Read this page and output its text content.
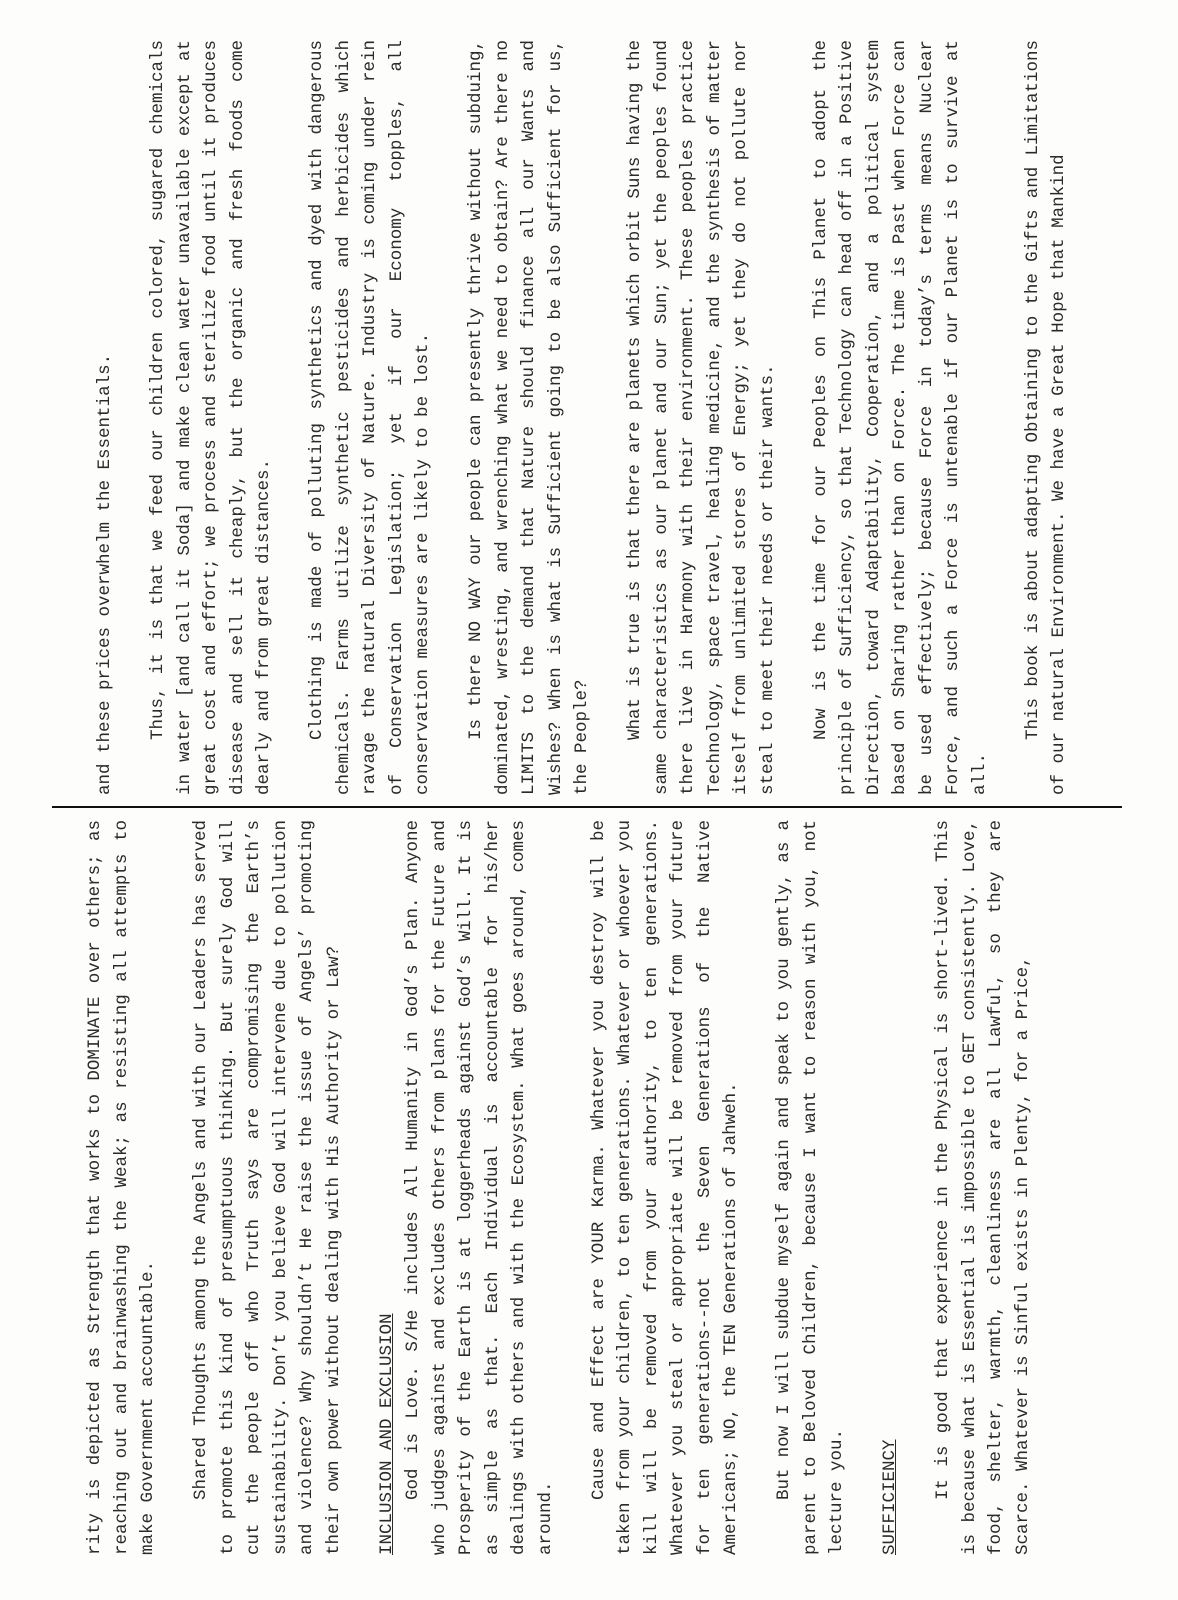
rity is depicted as Strength that works to DOMINATE over others; as reaching out and brainwashing the Weak; as resisting all attempts to make Government accountable. Shared Thoughts among the Angels and with our Leaders has served to promote this kind of presumptuous thinking. But surely God will cut the people off who Truth says are compromising the Earth’s sustainability. Don’t you believe God will intervene due to pollution and violence? Why shouldn’t He raise the issue of Angels’ promoting their own power without dealing with His Authority or Law? INCLUSION AND EXCLUSION God is Love. S/He includes All Humanity in God’s Plan. Anyone who judges against and excludes Others from plans for the Future and Prosperity of the Earth is at loggerheads against God’s Will. It is as simple as that. Each Individual is accountable for his/her dealings with others and with the Ecosystem. What goes around, comes around.

Cause and Effect are YOUR Karma. Whatever you destroy will be taken from your children, to ten generations. Whatever or whoever you kill will be removed from your authority, to ten generations. Whatever you steal or appropriate will be removed from your future for ten generations--not the Seven Generations of the Native Americans; NO, the TEN Generations of Jahweh. But now I will subdue myself again and speak to you gently, as a parent to Beloved Children, because I want to reason with you, not lecture you. SUFFICIENCY It is good that experience in the Physical is short-lived. This is because what is Essential is impossible to GET consistently. Love, food, shelter, warmth, cleanliness are all Lawful, so they are Scarce. Whatever is Sinful exists in Plenty, for a Price,

and these prices overwhelm the Essentials. Thus, it is that we feed our children colored, sugared chemicals in water [and call it Soda] and make clean water unavailable except at great cost and effort; we process and sterilize food until it produces disease and sell it cheaply, but the organic and fresh foods come dearly and from great distances. Clothing is made of polluting synthetics and dyed with dangerous chemicals. Farms utilize synthetic pesticides and herbicides which ravage the natural Diversity of Nature. Industry is coming under rein of Conservation Legislation; yet if our Economy topples, all conservation measures are likely to be lost. Is there NO WAY our people can presently thrive without subduing, dominated, wresting, and wrenching what we need to obtain? Are there no LIMITS to the demand that Nature should finance all our Wants and Wishes? When is what is Sufficient going to be also Sufficient for us, the People? What is true is that there are planets which orbit Suns having the same characteristics as our planet and our Sun; yet the peoples found there live in Harmony with their environment. These peoples practice Technology, space travel, healing medicine, and the synthesis of matter itself from unlimited stores of Energy; yet they do not pollute nor steal to meet their needs or their wants. Now is the time for our Peoples on This Planet to adopt the principle of Sufficiency, so that Technology can head off in a Positive Direction, toward Adaptability, Cooperation, and a political system based on Sharing rather than on Force. The time is Past when Force can be used effectively; because Force in today’s terms means Nuclear Force, and such a Force is untenable if our Planet is to survive at all.

This book is about adapting Obtaining to the Gifts and Limitations of our natural Environment. We have a Great Hope that Mankind
